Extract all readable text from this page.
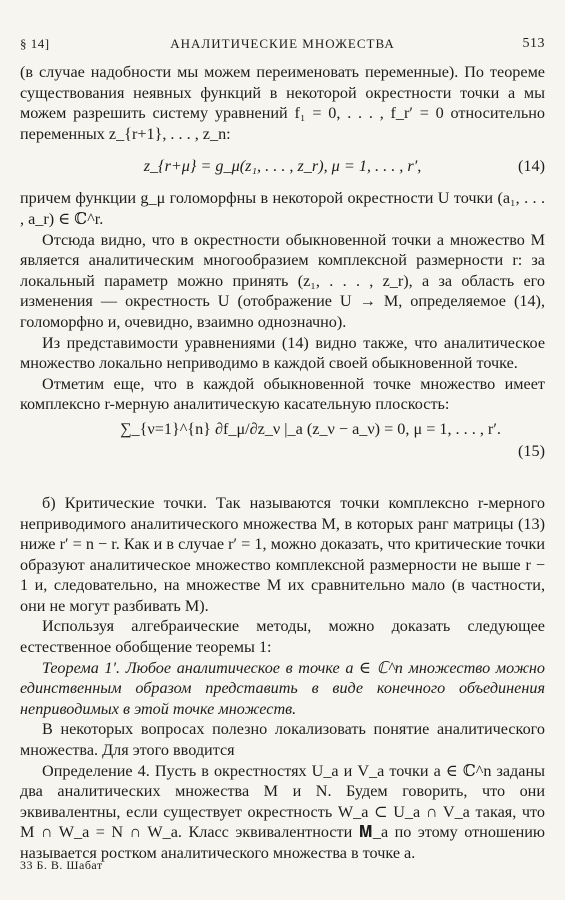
§ 14]	АНАЛИТИЧЕСКИЕ МНОЖЕСТВА	513

(в случае надобности мы можем переименовать переменные). По теореме существования неявных функций в некоторой окрестности точки a мы можем разрешить систему уравнений f₁ = 0, . . . , f_r′ = 0 относительно переменных z_{r+1}, . . . , z_n:

z_{r+μ} = g_μ(z₁, . . . , z_r), μ = 1, . . . , r′,	(14)

причем функции g_μ голоморфны в некоторой окрестности U точки (a₁, . . . , a_r) ∈ ℂ^r.

Отсюда видно, что в окрестности обыкновенной точки a множество M является аналитическим многообразием комплексной размерности r: за локальный параметр можно принять (z₁, . . . , z_r), а за область его изменения — окрестность U (отображение U → M, определяемое (14), голоморфно и, очевидно, взаимно однозначно).

Из представимости уравнениями (14) видно также, что аналитическое множество локально неприводимо в каждой своей обыкновенной точке.

Отметим еще, что в каждой обыкновенной точке множество имеет комплексно r-мерную аналитическую касательную плоскость:

∑_{ν=1}^{n} ∂f_μ/∂z_ν |_a (z_ν − a_ν) = 0, μ = 1, . . . , r′.
(15)

б) Критические точки. Так называются точки комплексно r-мерного неприводимого аналитического множества M, в которых ранг матрицы (13) ниже r′ = n − r. Как и в случае r′ = 1, можно доказать, что критические точки образуют аналитическое множество комплексной размерности не выше r − 1 и, следовательно, на множестве M их сравнительно мало (в частности, они не могут разбивать M).

Используя алгебраические методы, можно доказать следующее естественное обобщение теоремы 1:

Теорема 1′. Любое аналитическое в точке a ∈ ℂ^n множество можно единственным образом представить в виде конечного объединения неприводимых в этой точке множеств.

В некоторых вопросах полезно локализовать понятие аналитического множества. Для этого вводится

Определение 4. Пусть в окрестностях U_a и V_a точки a ∈ ℂ^n заданы два аналитических множества M и N. Будем говорить, что они эквивалентны, если существует окрестность W_a ⊂ U_a ∩ V_a такая, что M ∩ W_a = N ∩ W_a. Класс эквивалентности 𝐌_a по этому отношению называется ростком аналитического множества в точке a.

33 Б. В. Шабат
